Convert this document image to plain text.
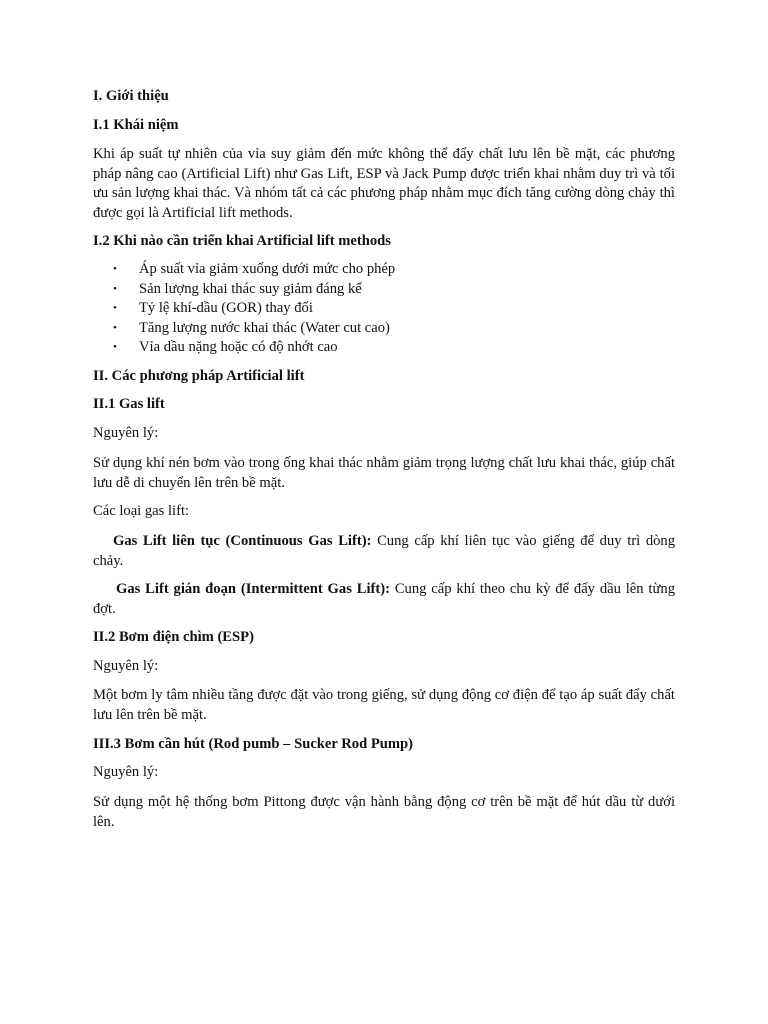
I. Giới thiệu
I.1 Khái niệm
Khi áp suất tự nhiên của vỉa suy giảm đến mức không thể đẩy chất lưu lên bề mặt, các phương pháp nâng cao (Artificial Lift) như Gas Lift, ESP và Jack Pump được triển khai nhằm duy trì và tối ưu sản lượng khai thác. Và nhóm tất cả các phương pháp nhằm mục đích tăng cường dòng chảy thì được gọi là Artificial lift methods.
I.2 Khi nào cần triển khai Artificial lift methods
• Áp suất vỉa giảm xuống dưới mức cho phép
• Sản lượng khai thác suy giảm đáng kể
• Tỷ lệ khí-dầu (GOR) thay đổi
• Tăng lượng nước khai thác (Water cut cao)
• Vỉa dầu nặng hoặc có độ nhớt cao
II. Các phương pháp Artificial lift
II.1 Gas lift
Nguyên lý:
Sử dụng khí nén bơm vào trong ống khai thác nhằm giảm trọng lượng chất lưu khai thác, giúp chất lưu dễ di chuyển lên trên bề mặt.
Các loại gas lift:
Gas Lift liên tục (Continuous Gas Lift): Cung cấp khí liên tục vào giếng để duy trì dòng chảy.
Gas Lift gián đoạn (Intermittent Gas Lift): Cung cấp khí theo chu kỳ để đẩy dầu lên từng đợt.
II.2 Bơm điện chìm (ESP)
Nguyên lý:
Một bơm ly tâm nhiều tầng được đặt vào trong giếng, sử dụng động cơ điện để tạo áp suất đẩy chất lưu lên trên bề mặt.
III.3 Bơm cần hút (Rod pumb – Sucker Rod Pump)
Nguyên lý:
Sử dụng một hệ thống bơm Pittong được vận hành bằng động cơ trên bề mặt để hút dầu từ dưới lên.
